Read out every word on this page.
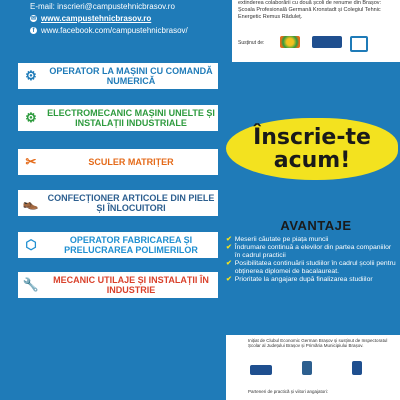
E-mail: inscrieri@campustehnicbrasov.ro
✉ www.campustehnicbrasov.ro
f www.facebook.com/campustehnicbrasov/
extinderea colaborării cu două școli de renume din Brașov: Școala Profesională Germană Kronstadt și Colegiul Tehnic Energetic Remus Răduleț.
Susținut de:
⚙	OPERATOR LA MAȘINI CU COMANDĂ NUMERICĂ
⚙	ELECTROMECANIC MAȘINI UNELTE ȘI INSTALAȚII INDUSTRIALE
✂	SCULER MATRIȚER
👞 CONFECȚIONER ARTICOLE DIN PIELE ȘI ÎNLOCUITORI
⬡	OPERATOR FABRICAREA ȘI PRELUCRAREA POLIMERILOR
🔧	MECANIC UTILAJE ȘI INSTALAȚII ÎN INDUSTRIE
Înscrie-te
acum!
AVANTAJE
✔ Meserii căutate pe piața muncii
✔ Îndrumare continuă a elevilor din partea companiilor în cadrul practicii
✔ Posibilitatea continuării studiilor în cadrul școlii pentru obținerea diplomei de bacalaureat.
✔ Prioritate la angajare după finalizarea studiilor
Inițiat de Clubul Economic German Brașov și susținut de Inspectoratul Școlar al Județului Brașov și Primăria Municipiului Brașov.
Parteneri de practică și viitori angajatori:
